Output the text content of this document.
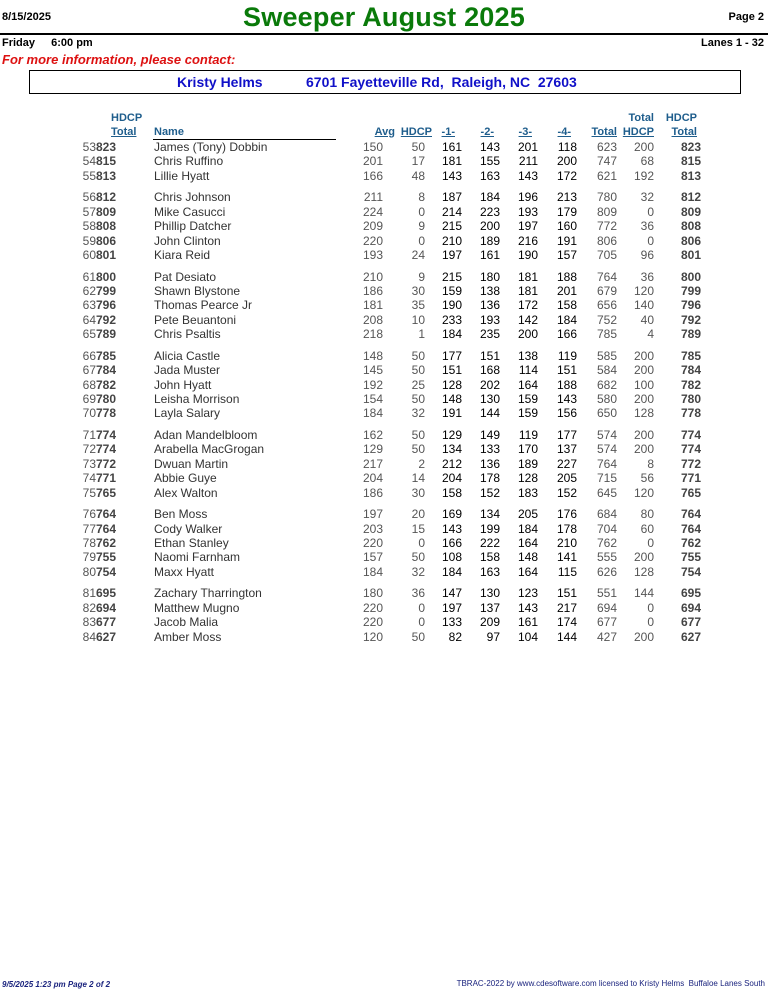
8/15/2025	Sweeper August 2025	Page 2
Friday 6:00 pm	Lanes 1 - 32
For more information, please contact:
Kristy Helms	6701 Fayetteville Rd,  Raleigh, NC  27603
HDCP
Total Name	Avg HDCP -1- -2- -3- -4- Total
Total
HDCP
HDCP
Total
53 823	James (Tony) Dobbin	150 50 161 143 201 118 623 200 823
54 815	Chris Ruffino	201 17 181 155 211 200 747 68 815
55 813	Lillie Hyatt	166 48 143 163 143 172 621 192 813
56 812	Chris Johnson	211	8 187 184 196 213 780 32 812
57 809	Mike Casucci	224	0 214 223 193 179 809	0 809
58 808	Phillip Datcher	209	9 215 200 197 160 772 36 808
59 806	John Clinton	220	0 210 189 216 191 806	0 806
60 801	Kiara Reid	193 24 197 161 190 157 705 96 801
61 800	Pat Desiato	210	9 215 180 181 188 764 36 800
62 799	Shawn Blystone	186 30 159 138 181 201 679 120 799
63 796	Thomas Pearce Jr	181 35 190 136 172 158 656 140 796
64 792	Pete Beuantoni	208 10 233 193 142 184 752 40 792
65 789	Chris Psaltis	218	1 184 235 200 166 785	4 789
66 785	Alicia Castle	148 50 177 151 138 119 585 200 785
67 784	Jada Muster	145 50 151 168 114 151 584 200 784
68 782	John Hyatt	192 25 128 202 164 188 682 100 782
69 780	Leisha Morrison	154 50 148 130 159 143 580 200 780
70 778	Layla Salary	184 32 191 144 159 156 650 128 778
71 774	Adan Mandelbloom	162 50 129 149 119 177 574 200 774
72 774	Arabella MacGrogan	129 50 134 133 170 137 574 200 774
73 772	Dwuan Martin	217	2 212 136 189 227 764	8 772
74 771	Abbie Guye	204 14 204 178 128 205 715 56 771
75 765	Alex Walton	186 30 158 152 183 152 645 120 765
76 764	Ben Moss	197 20 169 134 205 176 684 80 764
77 764	Cody Walker	203 15 143 199 184 178 704 60 764
78 762	Ethan Stanley	220	0 166 222 164 210 762	0 762
79 755	Naomi Farnham	157 50 108 158 148 141 555 200 755
80 754	Maxx Hyatt	184 32 184 163 164 115 626 128 754
81 695	Zachary Tharrington	180 36 147 130 123 151 551 144 695
82 694	Matthew Mugno	220	0 197 137 143 217 694	0 694
83 677	Jacob Malia	220	0 133 209 161 174 677	0 677
84 627	Amber Moss	120 50 82 97 104 144 427 200 627
9/5/2025 1:23 pm Page 2 of 2	TBRAC-2022 by www.cdesoftware.com licensed to Kristy Helms  Buffaloe Lanes South
